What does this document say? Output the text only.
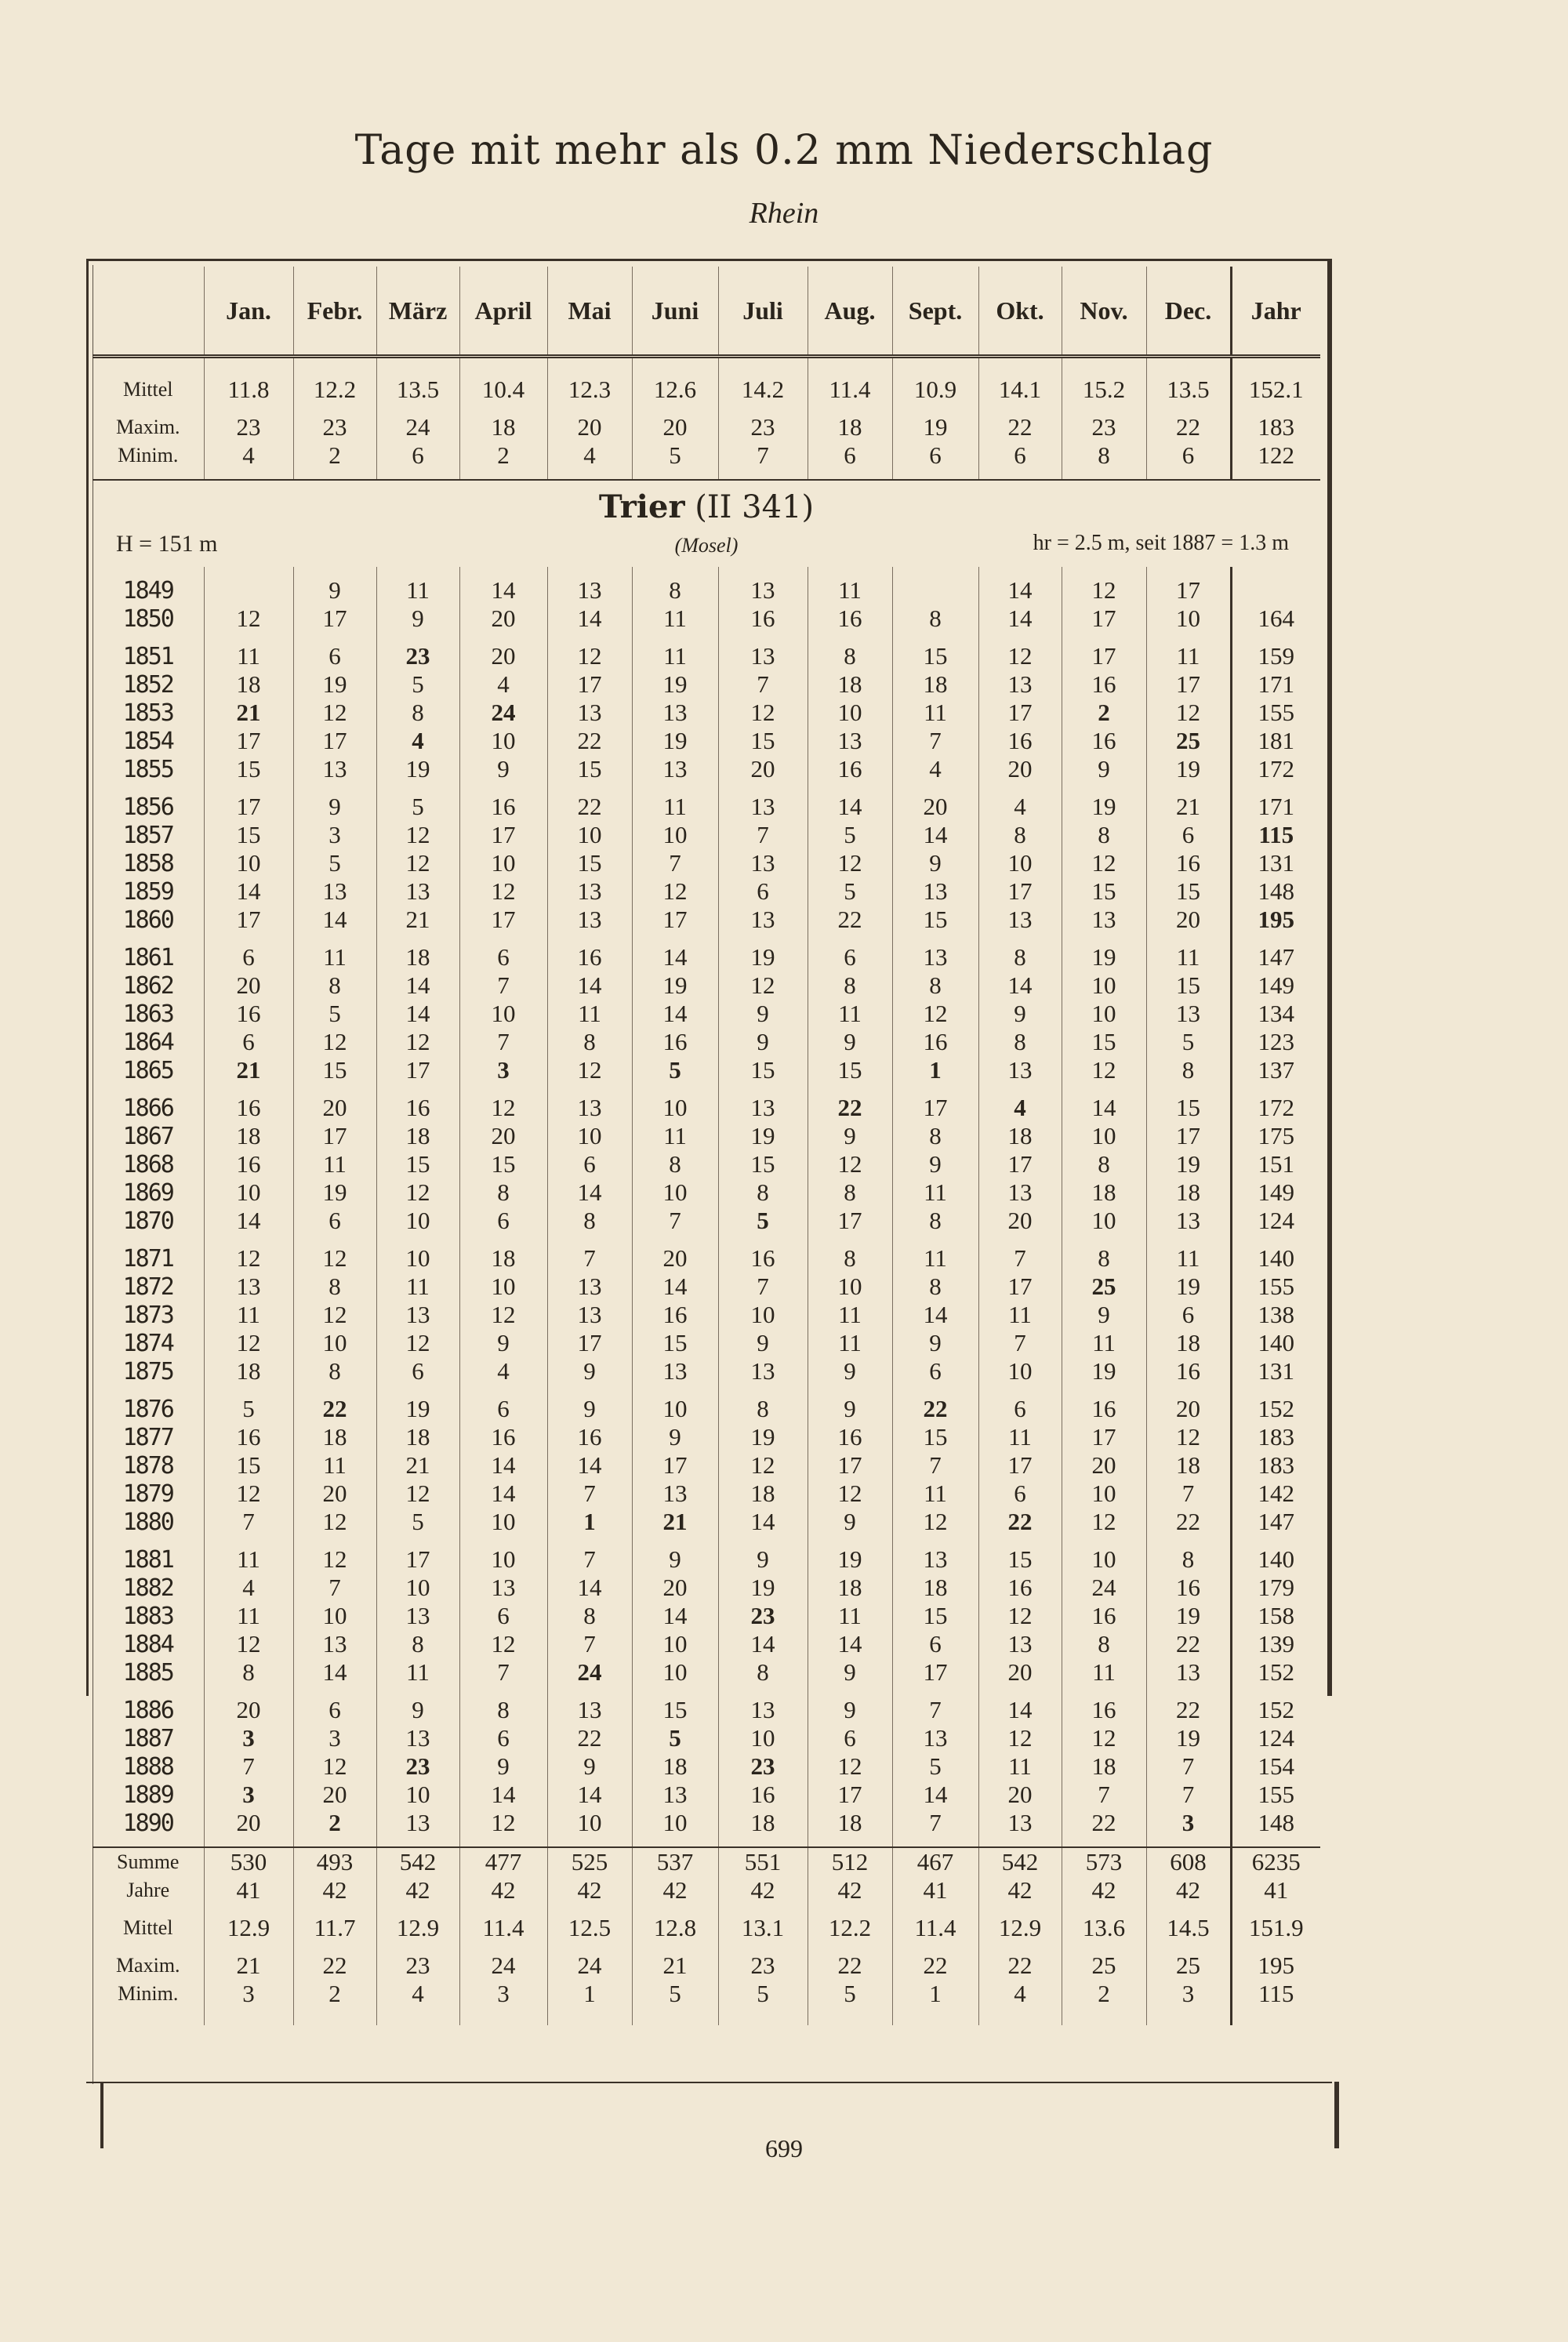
Tage mit mehr als 0.2 mm Niederschlag
Rhein
	Jan.	Febr.	März	April	Mai	Juni	Juli	Aug.	Sept.	Okt.	Nov.	Dec.	Jahr

Mittel	11.8	12.2	13.5	10.4	12.3	12.6	14.2	11.4	10.9	14.1	15.2	13.5	152.1

Maxim.	23	23	24	18	20	20	23	18	19	22	23	22	183
Minim.	4	2	6	2	4	5	7	6	6	6	8	6	122

Trier (II 341)
(Mosel)
H = 151 m hr = 2.5 m, seit 1887 = 1.3 m													

1849		9	11	14	13	8	13	11		14	12	17	
1850	12	17	9	20	14	11	16	16	8	14	17	10	164

1851	11	6	23	20	12	11	13	8	15	12	17	11	159
1852	18	19	5	4	17	19	7	18	18	13	16	17	171
1853	21	12	8	24	13	13	12	10	11	17	2	12	155
1854	17	17	4	10	22	19	15	13	7	16	16	25	181
1855	15	13	19	9	15	13	20	16	4	20	9	19	172

1856	17	9	5	16	22	11	13	14	20	4	19	21	171
1857	15	3	12	17	10	10	7	5	14	8	8	6	115
1858	10	5	12	10	15	7	13	12	9	10	12	16	131
1859	14	13	13	12	13	12	6	5	13	17	15	15	148
1860	17	14	21	17	13	17	13	22	15	13	13	20	195

1861	6	11	18	6	16	14	19	6	13	8	19	11	147
1862	20	8	14	7	14	19	12	8	8	14	10	15	149
1863	16	5	14	10	11	14	9	11	12	9	10	13	134
1864	6	12	12	7	8	16	9	9	16	8	15	5	123
1865	21	15	17	3	12	5	15	15	1	13	12	8	137

1866	16	20	16	12	13	10	13	22	17	4	14	15	172
1867	18	17	18	20	10	11	19	9	8	18	10	17	175
1868	16	11	15	15	6	8	15	12	9	17	8	19	151
1869	10	19	12	8	14	10	8	8	11	13	18	18	149
1870	14	6	10	6	8	7	5	17	8	20	10	13	124

1871	12	12	10	18	7	20	16	8	11	7	8	11	140
1872	13	8	11	10	13	14	7	10	8	17	25	19	155
1873	11	12	13	12	13	16	10	11	14	11	9	6	138
1874	12	10	12	9	17	15	9	11	9	7	11	18	140
1875	18	8	6	4	9	13	13	9	6	10	19	16	131

1876	5	22	19	6	9	10	8	9	22	6	16	20	152
1877	16	18	18	16	16	9	19	16	15	11	17	12	183
1878	15	11	21	14	14	17	12	17	7	17	20	18	183
1879	12	20	12	14	7	13	18	12	11	6	10	7	142
1880	7	12	5	10	1	21	14	9	12	22	12	22	147

1881	11	12	17	10	7	9	9	19	13	15	10	8	140
1882	4	7	10	13	14	20	19	18	18	16	24	16	179
1883	11	10	13	6	8	14	23	11	15	12	16	19	158
1884	12	13	8	12	7	10	14	14	6	13	8	22	139
1885	8	14	11	7	24	10	8	9	17	20	11	13	152

1886	20	6	9	8	13	15	13	9	7	14	16	22	152
1887	3	3	13	6	22	5	10	6	13	12	12	19	124
1888	7	12	23	9	9	18	23	12	5	11	18	7	154
1889	3	20	10	14	14	13	16	17	14	20	7	7	155
1890	20	2	13	12	10	10	18	18	7	13	22	3	148

Summe	530	493	542	477	525	537	551	512	467	542	573	608	6235
Jahre	41	42	42	42	42	42	42	42	41	42	42	42	41

Mittel	12.9	11.7	12.9	11.4	12.5	12.8	13.1	12.2	11.4	12.9	13.6	14.5	151.9

Maxim.	21	22	23	24	24	21	23	22	22	22	25	25	195
Minim.	3	2	4	3	1	5	5	5	1	4	2	3	115

699
